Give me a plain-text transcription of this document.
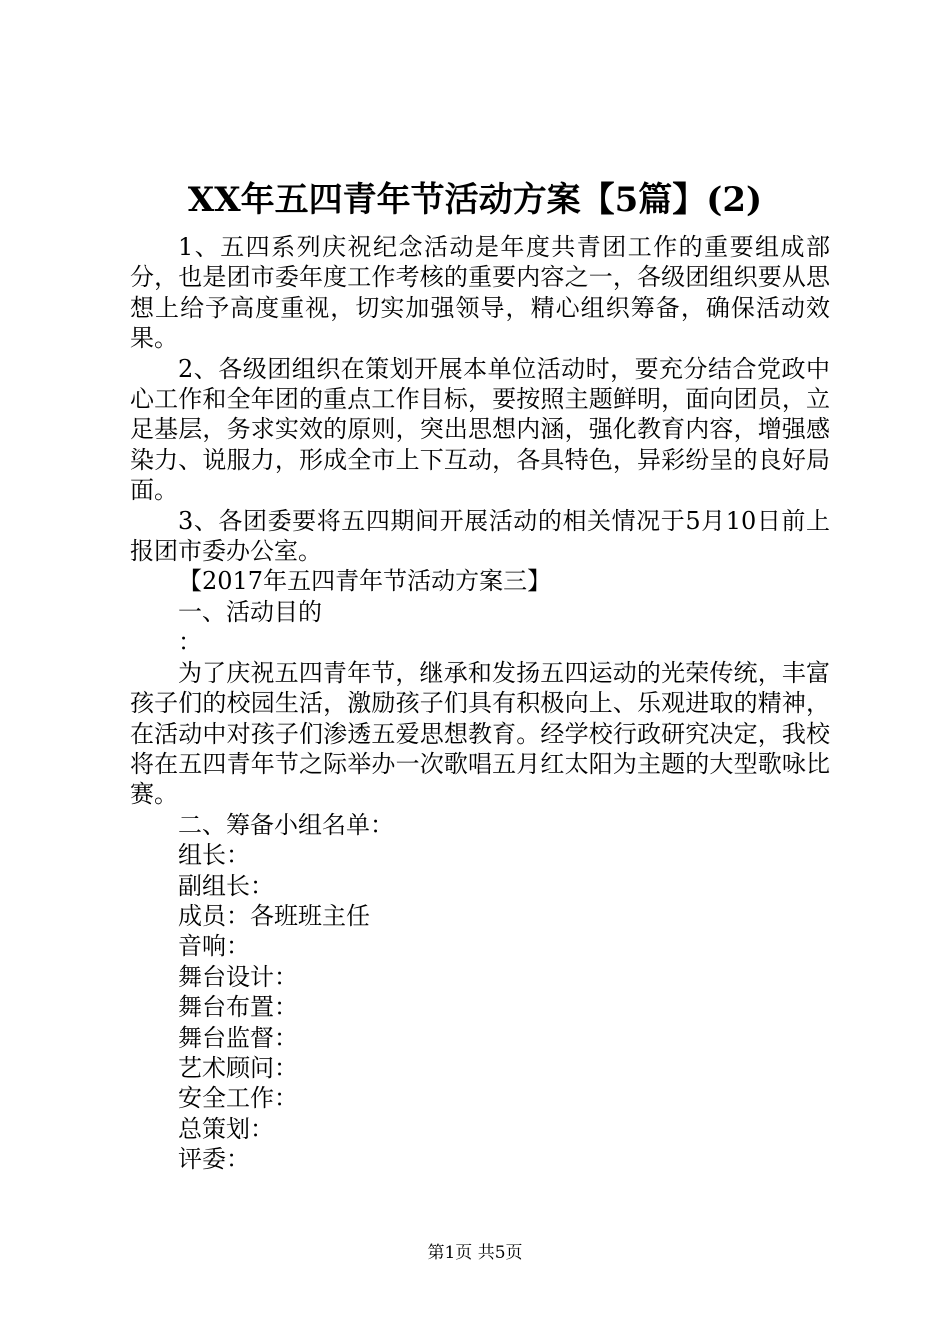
XX年五四青年节活动方案【5篇】(2)

1、五四系列庆祝纪念活动是年度共青团工作的重要组成部分，也是团市委年度工作考核的重要内容之一，各级团组织要从思想上给予高度重视，切实加强领导，精心组织筹备，确保活动效果。

2、各级团组织在策划开展本单位活动时，要充分结合党政中心工作和全年团的重点工作目标，要按照主题鲜明，面向团员，立足基层，务求实效的原则，突出思想内涵，强化教育内容，增强感染力、说服力，形成全市上下互动，各具特色，异彩纷呈的良好局面。

3、各团委要将五四期间开展活动的相关情况于5月10日前上报团市委办公室。

【2017年五四青年节活动方案三】

一、活动目的

：

为了庆祝五四青年节，继承和发扬五四运动的光荣传统，丰富孩子们的校园生活，激励孩子们具有积极向上、乐观进取的精神，在活动中对孩子们渗透五爱思想教育。经学校行政研究决定，我校将在五四青年节之际举办一次歌唱五月红太阳为主题的大型歌咏比赛。

二、筹备小组名单：

组长：

副组长：

成员：各班班主任

音响：

舞台设计：

舞台布置：

舞台监督：

艺术顾问：

安全工作：

总策划：

评委：

第1页 共5页
